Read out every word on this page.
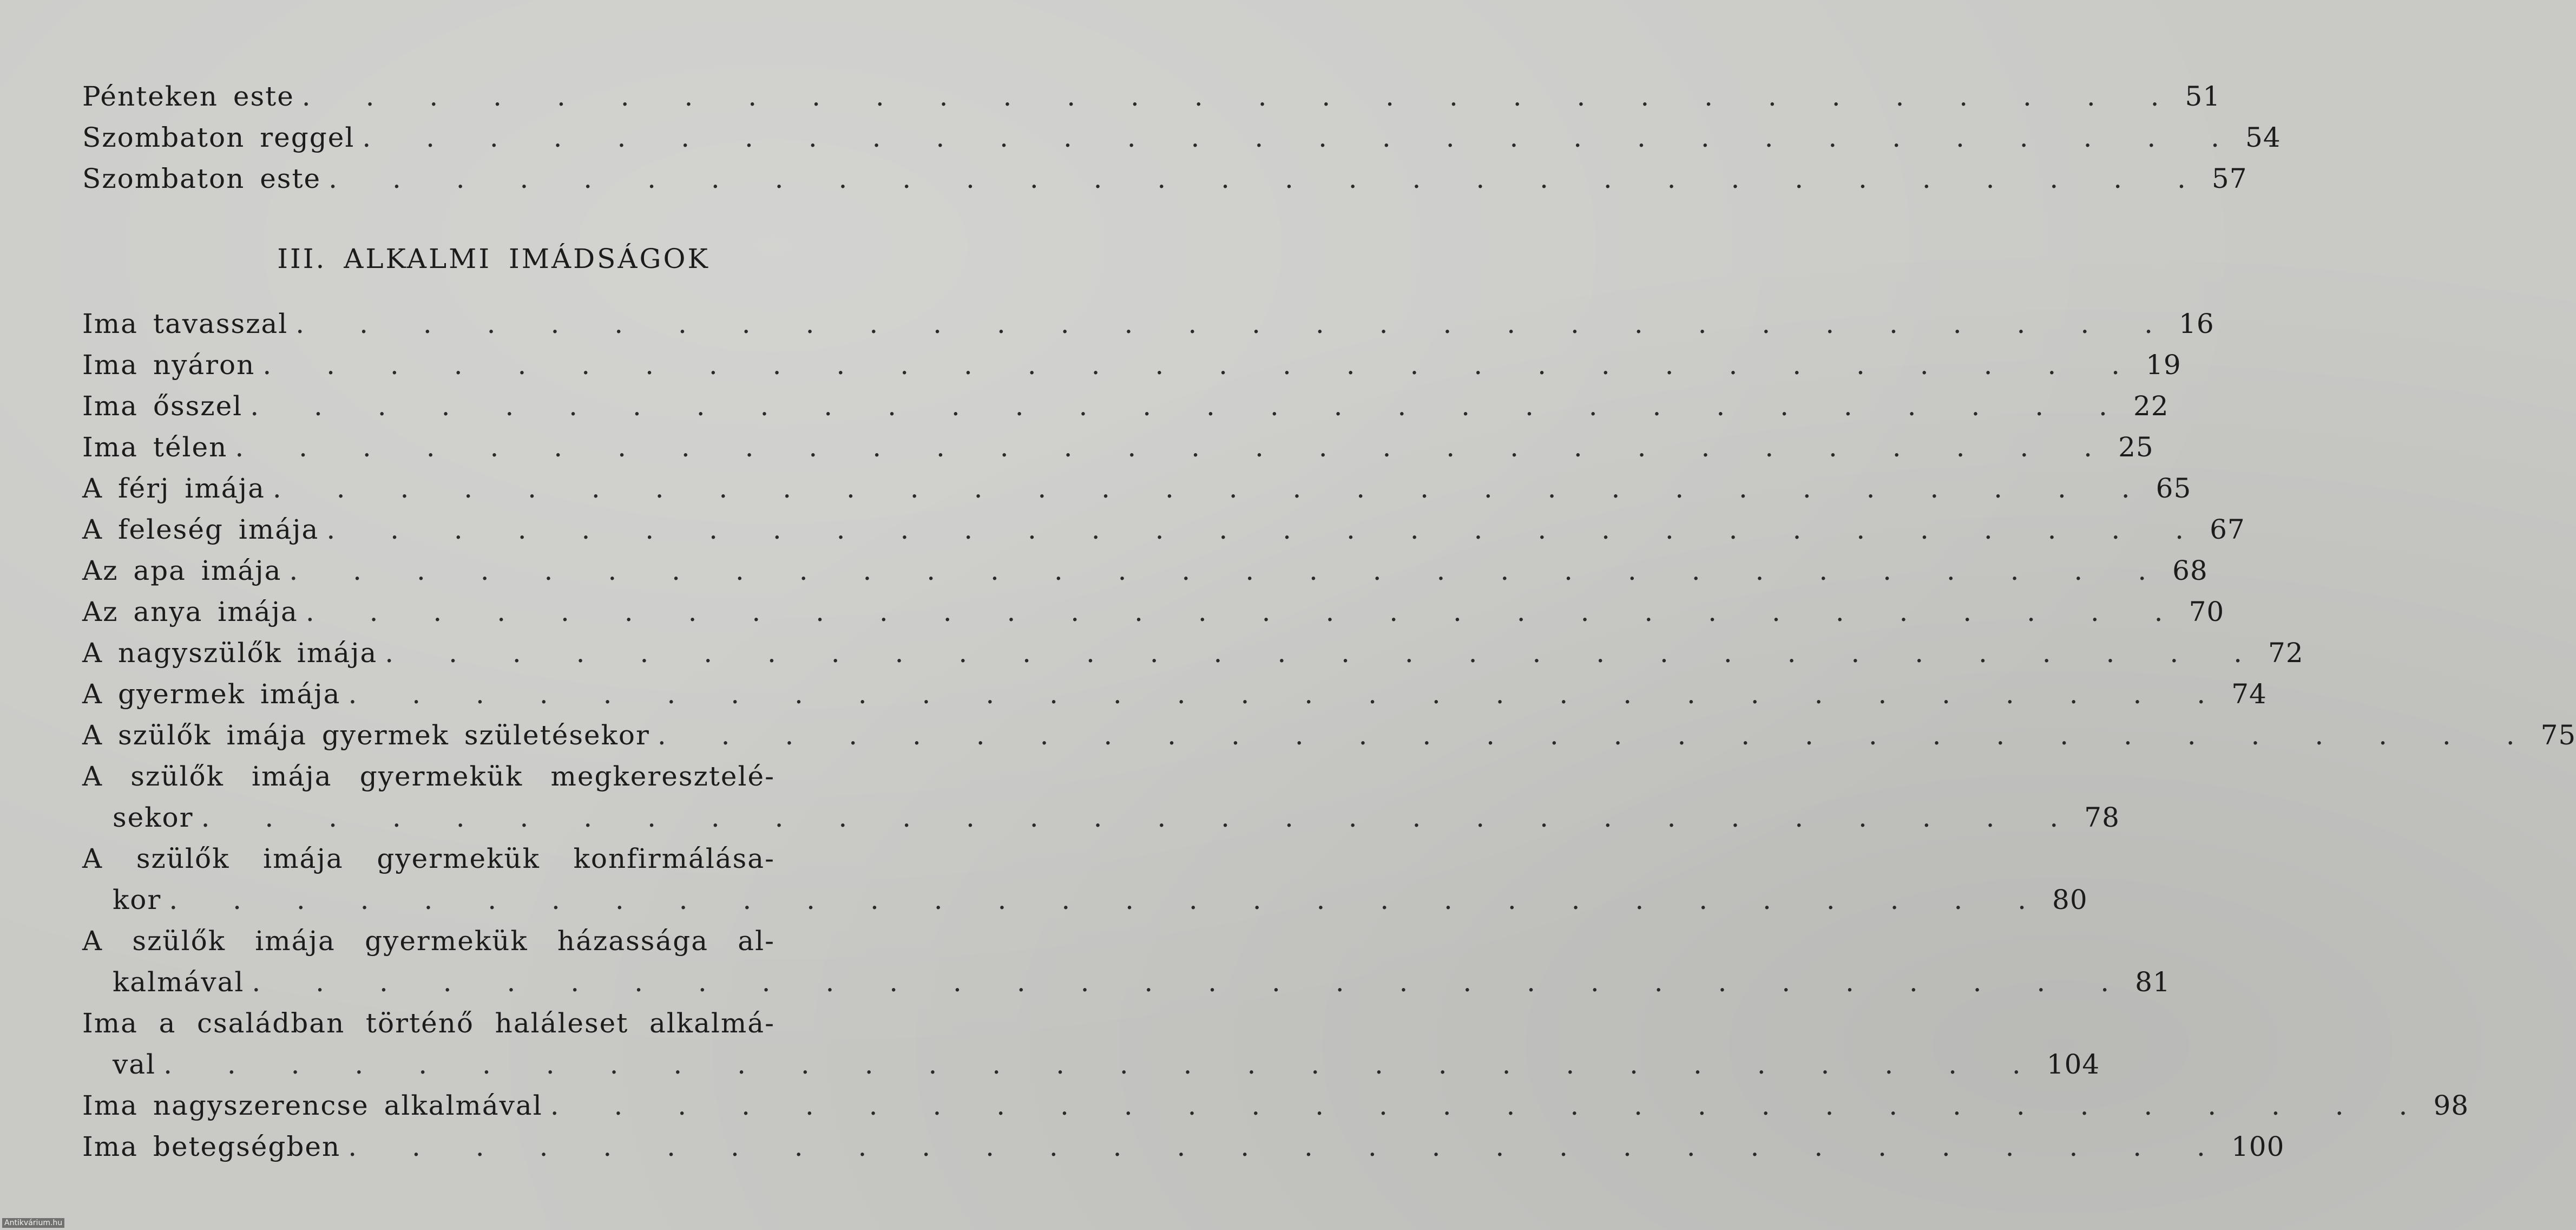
Pénteken este . . . . . . . . . . . . . . . . . . . . . . . . . . . . . . 51
Szombaton reggel . . . . . . . . . . . . . . . . . . . . . . . . . . . . . . 54
Szombaton este . . . . . . . . . . . . . . . . . . . . . . . . . . . . . . 57
III. ALKALMI IMÁDSÁGOK
Ima tavasszal . . . . . . . . . . . . . . . . . . . . . . . . . . . . . . 16
Ima nyáron . . . . . . . . . . . . . . . . . . . . . . . . . . . . . . 19
Ima ősszel . . . . . . . . . . . . . . . . . . . . . . . . . . . . . . 22
Ima télen . . . . . . . . . . . . . . . . . . . . . . . . . . . . . . 25
A férj imája . . . . . . . . . . . . . . . . . . . . . . . . . . . . . . 65
A feleség imája . . . . . . . . . . . . . . . . . . . . . . . . . . . . . . 67
Az apa imája . . . . . . . . . . . . . . . . . . . . . . . . . . . . . . 68
Az anya imája . . . . . . . . . . . . . . . . . . . . . . . . . . . . . . 70
A nagyszülők imája . . . . . . . . . . . . . . . . . . . . . . . . . . . . . . 72
A gyermek imája . . . . . . . . . . . . . . . . . . . . . . . . . . . . . . 74
A szülők imája gyermek születésekor . . . . . . . . . . . . . . . . . . . . . . . . . . . . . . 75
A szülők imája gyermekük megkeresztelé-
sekor . . . . . . . . . . . . . . . . . . . . . . . . . . . . . . 78
A szülők imája gyermekük konfirmálása-
kor . . . . . . . . . . . . . . . . . . . . . . . . . . . . . . 80
A szülők imája gyermekük házassága al-
kalmával . . . . . . . . . . . . . . . . . . . . . . . . . . . . . . 81
Ima a családban történő haláleset alkalmá-
val . . . . . . . . . . . . . . . . . . . . . . . . . . . . . . 104
Ima nagyszerencse alkalmával . . . . . . . . . . . . . . . . . . . . . . . . . . . . . . 98
Ima betegségben . . . . . . . . . . . . . . . . . . . . . . . . . . . . . . 100
Antikvárium.hu
